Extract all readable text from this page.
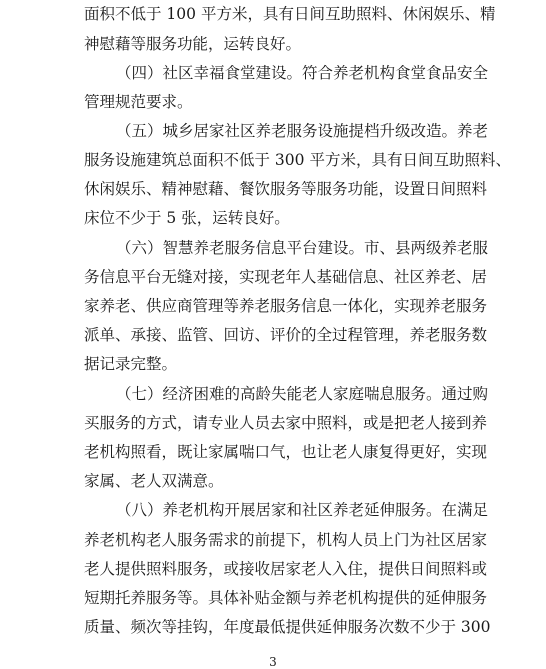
面积不低于 100 平方米，具有日间互助照料、休闲娱乐、精
神慰藉等服务功能，运转良好。
（四）社区幸福食堂建设。符合养老机构食堂食品安全
管理规范要求。
（五）城乡居家社区养老服务设施提档升级改造。养老
服务设施建筑总面积不低于 300 平方米，具有日间互助照料、
休闲娱乐、精神慰藉、餐饮服务等服务功能，设置日间照料
床位不少于 5 张，运转良好。
（六）智慧养老服务信息平台建设。市、县两级养老服
务信息平台无缝对接，实现老年人基础信息、社区养老、居
家养老、供应商管理等养老服务信息一体化，实现养老服务
派单、承接、监管、回访、评价的全过程管理，养老服务数
据记录完整。
（七）经济困难的高龄失能老人家庭喘息服务。通过购
买服务的方式，请专业人员去家中照料，或是把老人接到养
老机构照看，既让家属喘口气，也让老人康复得更好，实现
家属、老人双满意。
（八）养老机构开展居家和社区养老延伸服务。在满足
养老机构老人服务需求的前提下，机构人员上门为社区居家
老人提供照料服务，或接收居家老人入住，提供日间照料或
短期托养服务等。具体补贴金额与养老机构提供的延伸服务
质量、频次等挂钩，年度最低提供延伸服务次数不少于 300
3
